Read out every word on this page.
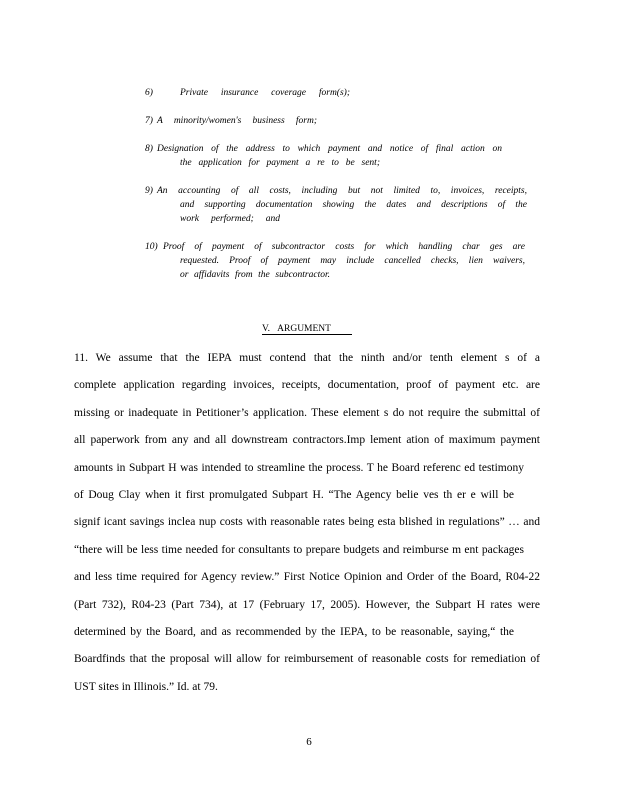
6)	Private insurance coverage form(s);
7) A minority/women's business form;
8) Designation of the address to which payment and notice of final action on
the application for payment a re to be sent;
9) An accounting of all costs, including but not limited to, invoices, receipts,
and supporting documentation showing the dates and descriptions of the
work performed; and
10) Proof of payment of subcontractor costs for which handling char ges are
requested. Proof of payment may include cancelled checks, lien waivers,
or affidavits from the subcontractor.
V. ARGUMENT
11. We assume that the IEPA must contend that the ninth and/or tenth element s of a
complete application regarding invoices, receipts, documentation, proof of payment etc. are
missing or inadequate in Petitioner’s application. These element s do not require the submittal of
all paperwork from any and all downstream contractors.Imp lement ation of maximum payment
amounts in Subpart H was intended to streamline the process. T he Board referenc ed testimony
of Doug Clay when it first promulgated Subpart H. “The Agency belie ves th er e will be
signif icant savings inclea nup costs with reasonable rates being esta blished in regulations” … and
“there will be less time needed for consultants to prepare budgets and reimburse m ent packages
and less time required for Agency review.” First Notice Opinion and Order of the Board, R04-22
(Part 732), R04-23 (Part 734), at 17 (February 17, 2005). However, the Subpart H rates were
determined by the Board, and as recommended by the IEPA, to be reasonable, saying,“ the
Boardfinds that the proposal will allow for reimbursement of reasonable costs for remediation of
UST sites in Illinois.” Id. at 79.
6
